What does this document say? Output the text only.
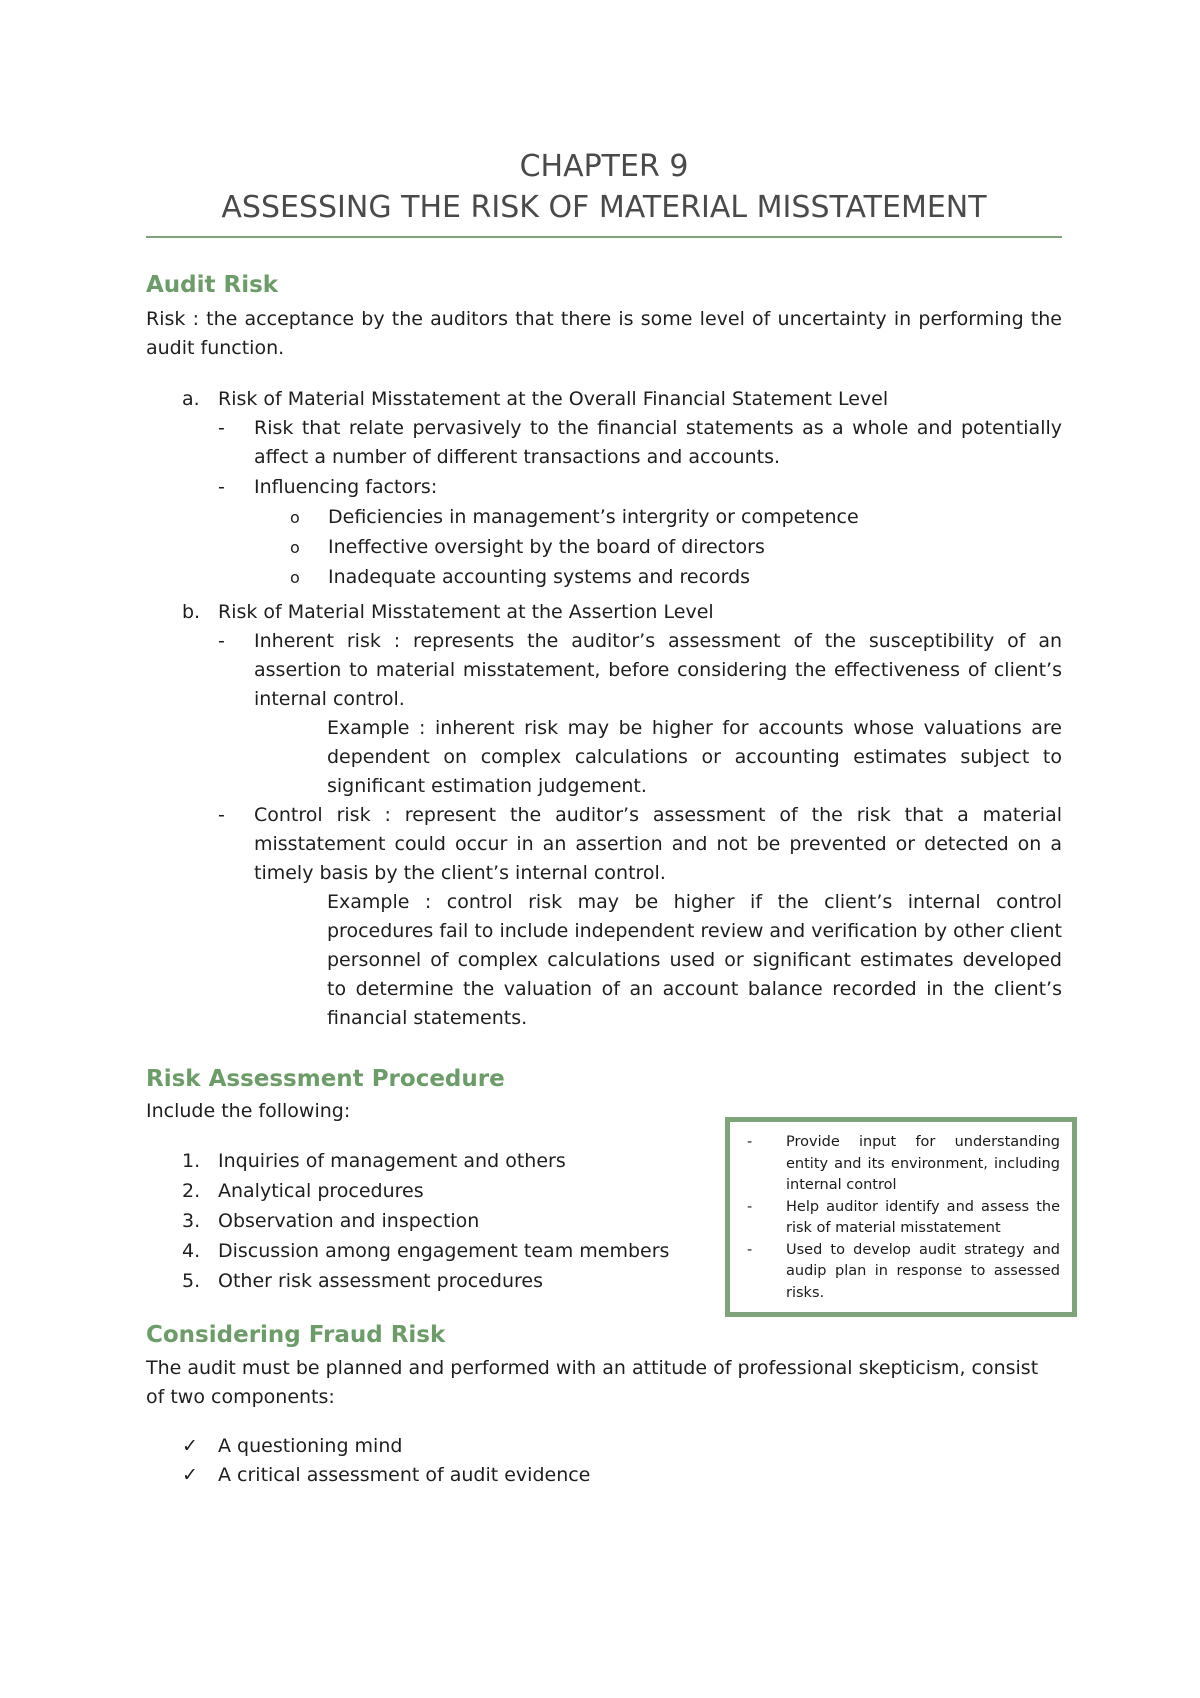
CHAPTER 9
ASSESSING THE RISK OF MATERIAL MISSTATEMENT
Audit Risk

Risk : the acceptance by the auditors that there is some level of uncertainty in performing the audit function.

a. Risk of Material Misstatement at the Overall Financial Statement Level
- Risk that relate pervasively to the financial statements as a whole and potentially affect a number of different transactions and accounts.
- Influencing factors:
o Deficiencies in management’s intergrity or competence
o Ineffective oversight by the board of directors
o Inadequate accounting systems and records
b. Risk of Material Misstatement at the Assertion Level
- Inherent risk : represents the auditor’s assessment of the susceptibility of an assertion to material misstatement, before considering the effectiveness of client’s internal control.
Example : inherent risk may be higher for accounts whose valuations are dependent on complex calculations or accounting estimates subject to significant estimation judgement.
- Control risk : represent the auditor’s assessment of the risk that a material misstatement could occur in an assertion and not be prevented or detected on a timely basis by the client’s internal control.
Example : control risk may be higher if the client’s internal control procedures fail to include independent review and verification by other client personnel of complex calculations used or significant estimates developed to determine the valuation of an account balance recorded in the client’s financial statements.
Risk Assessment Procedure

Include the following:

1. Inquiries of management and others
2. Analytical procedures
3. Observation and inspection
4. Discussion among engagement team members
5. Other risk assessment procedures
- Provide input for understanding entity and its environment, including internal control
- Help auditor identify and assess the risk of material misstatement
- Used to develop audit strategy and audip plan in response to assessed risks.
Considering Fraud Risk

The audit must be planned and performed with an attitude of professional skepticism, consist of two components:

✓ A questioning mind
✓ A critical assessment of audit evidence
